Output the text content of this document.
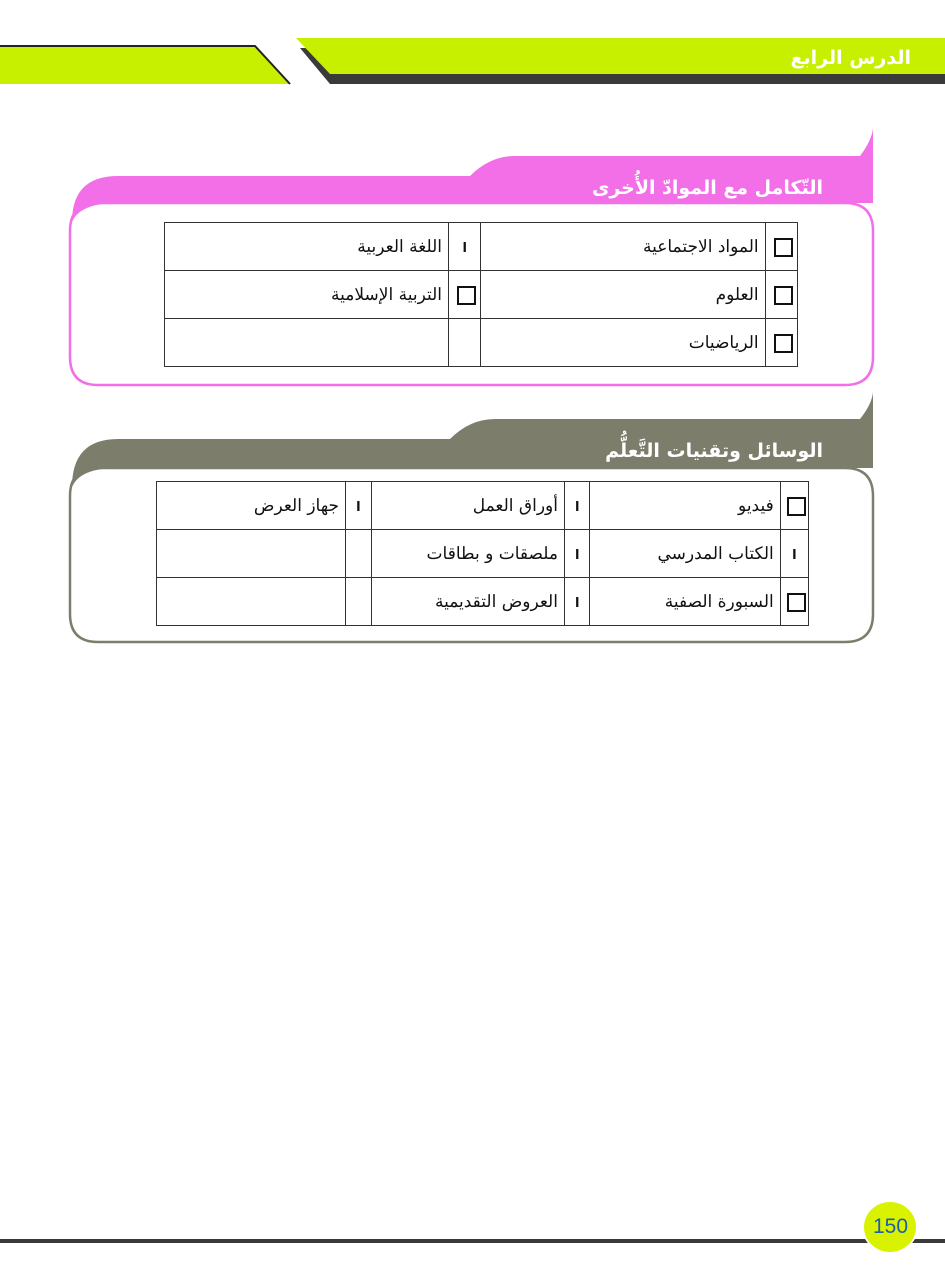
الدرس الرابع
التّكامل مع الموادّ الأُخرى
	المواد الاجتماعية	ا	اللغة العربية
	العلوم		التربية الإسلامية
	الرياضيات		
الوسائل وتقنيات التَّعلُّم
	فيديو	ا	أوراق العمل	ا	جهاز العرض
ا	الكتاب المدرسي	ا	ملصقات و بطاقات		
	السبورة الصفية	ا	العروض التقديمية		
150
